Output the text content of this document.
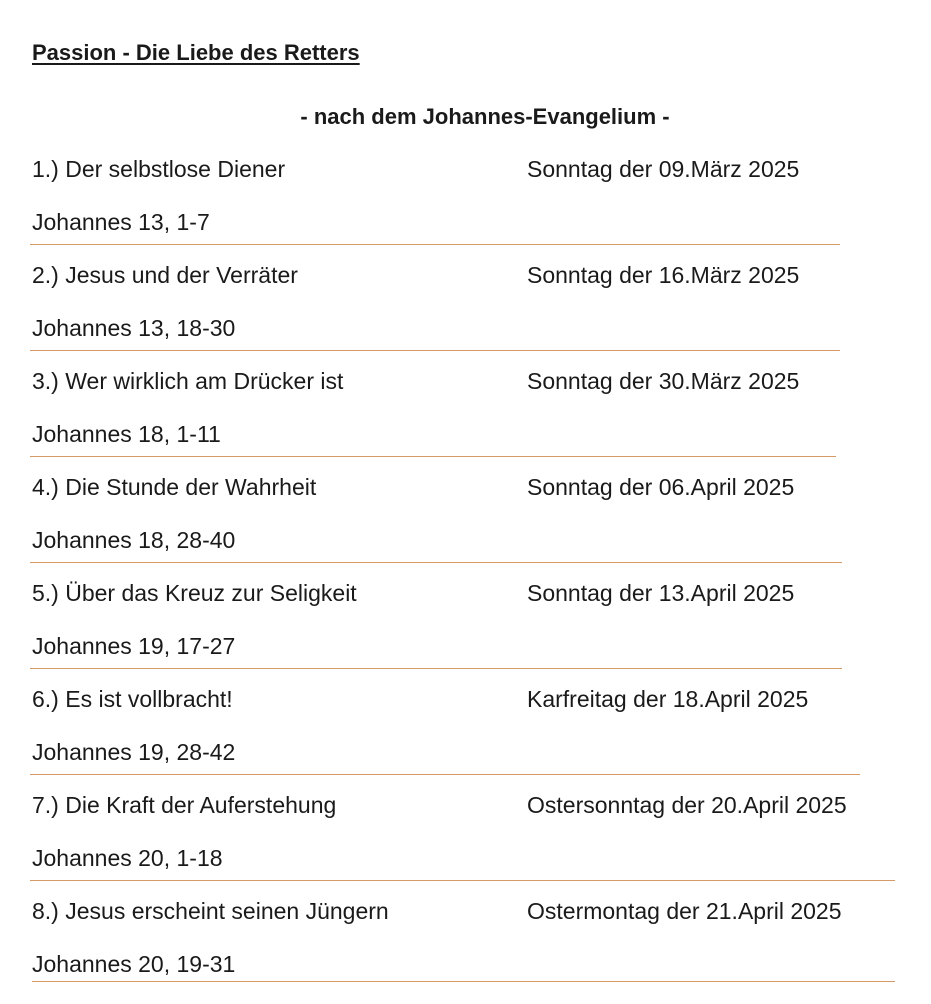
Passion - Die Liebe des Retters
- nach dem Johannes-Evangelium -
1.) Der selbstlose Diener	Sonntag der 09.März 2025
Johannes 13, 1-7
2.) Jesus und der Verräter	Sonntag der 16.März 2025
Johannes 13, 18-30
3.) Wer wirklich am Drücker ist	Sonntag der 30.März 2025
Johannes 18, 1-11
4.) Die Stunde der Wahrheit	Sonntag der 06.April 2025
Johannes 18, 28-40
5.) Über das Kreuz zur Seligkeit	Sonntag der 13.April 2025
Johannes 19, 17-27
6.) Es ist vollbracht!	Karfreitag der 18.April 2025
Johannes 19, 28-42
7.) Die Kraft der Auferstehung	Ostersonntag der 20.April 2025
Johannes 20, 1-18
8.) Jesus erscheint seinen Jüngern	Ostermontag der 21.April 2025
Johannes 20, 19-31
